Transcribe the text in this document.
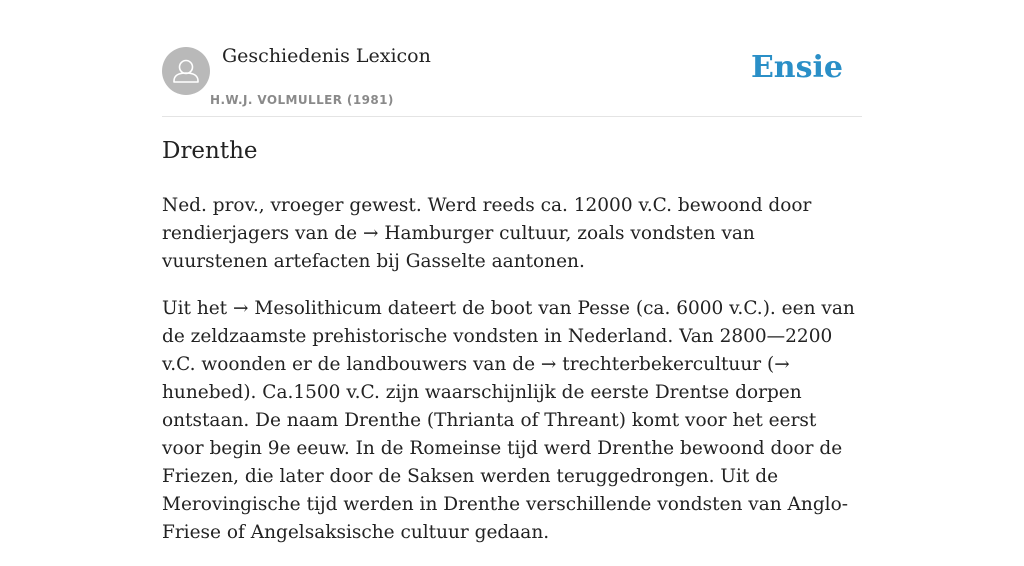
Geschiedenis Lexicon
H.W.J. VOLMULLER (1981)
Ensie
Drenthe

Ned. prov., vroeger gewest. Werd reeds ca. 12000 v.C. bewoond door rendierjagers van de → Hamburger cultuur, zoals vondsten van vuurstenen artefacten bij Gasselte aantonen.

Uit het → Mesolithicum dateert de boot van Pesse (ca. 6000 v.C.). een van de zeldzaamste prehistorische vondsten in Nederland. Van 2800—2200 v.C. woonden er de landbouwers van de → trechterbekercultuur (→ hunebed). Ca.1500 v.C. zijn waarschijnlijk de eerste Drentse dorpen ontstaan. De naam Drenthe (Thrianta of Threant) komt voor het eerst voor begin 9e eeuw. In de Romeinse tijd werd Drenthe bewoond door de Friezen, die later door de Saksen werden teruggedrongen. Uit de Merovingische tijd werden in Drenthe verschillende vondsten van Anglo-Friese of Angelsaksische cultuur gedaan.
